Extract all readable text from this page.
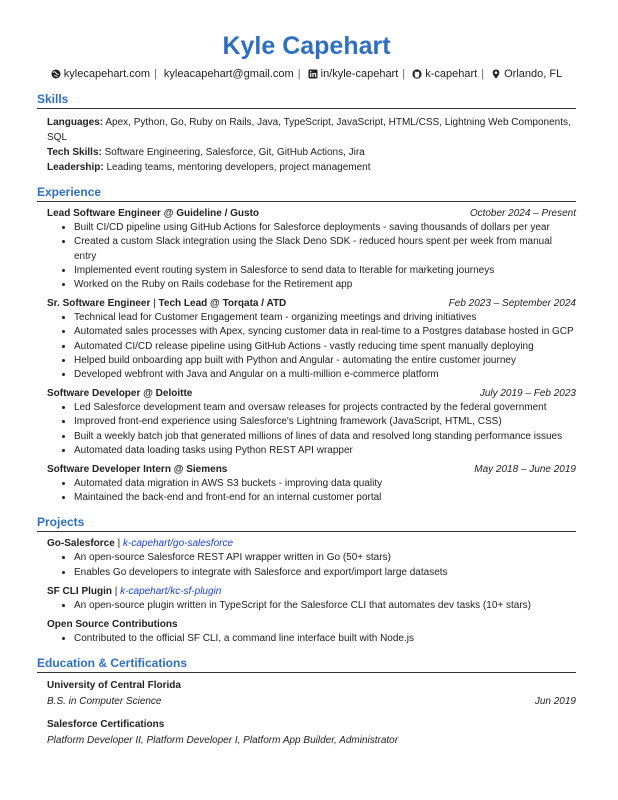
Kyle Capehart
kylecapehart.com | kyleacapehart@gmail.com | in/kyle-capehart | k-capehart | Orlando, FL
Skills
Languages: Apex, Python, Go, Ruby on Rails, Java, TypeScript, JavaScript, HTML/CSS, Lightning Web Components, SQL
Tech Skills: Software Engineering, Salesforce, Git, GitHub Actions, Jira
Leadership: Leading teams, mentoring developers, project management
Experience
Lead Software Engineer @ Guideline / Gusto	October 2024 – Present
• Built CI/CD pipeline using GitHub Actions for Salesforce deployments - saving thousands of dollars per year
• Created a custom Slack integration using the Slack Deno SDK - reduced hours spent per week from manual entry
• Implemented event routing system in Salesforce to send data to Iterable for marketing journeys
• Worked on the Ruby on Rails codebase for the Retirement app
Sr. Software Engineer | Tech Lead @ Torqata / ATD	Feb 2023 – September 2024
• Technical lead for Customer Engagement team - organizing meetings and driving initiatives
• Automated sales processes with Apex, syncing customer data in real-time to a Postgres database hosted in GCP
• Automated CI/CD release pipeline using GitHub Actions - vastly reducing time spent manually deploying
• Helped build onboarding app built with Python and Angular - automating the entire customer journey
• Developed webfront with Java and Angular on a multi-million e-commerce platform
Software Developer @ Deloitte	July 2019 – Feb 2023
• Led Salesforce development team and oversaw releases for projects contracted by the federal government
• Improved front-end experience using Salesforce's Lightning framework (JavaScript, HTML, CSS)
• Built a weekly batch job that generated millions of lines of data and resolved long standing performance issues
• Automated data loading tasks using Python REST API wrapper
Software Developer Intern @ Siemens	May 2018 – June 2019
• Automated data migration in AWS S3 buckets - improving data quality
• Maintained the back-end and front-end for an internal customer portal
Projects
Go-Salesforce | k-capehart/go-salesforce
• An open-source Salesforce REST API wrapper written in Go (50+ stars)
• Enables Go developers to integrate with Salesforce and export/import large datasets
SF CLI Plugin | k-capehart/kc-sf-plugin
• An open-source plugin written in TypeScript for the Salesforce CLI that automates dev tasks (10+ stars)
Open Source Contributions
• Contributed to the official SF CLI, a command line interface built with Node.js
Education & Certifications
University of Central Florida
B.S. in Computer Science	Jun 2019
Salesforce Certifications
Platform Developer II, Platform Developer I, Platform App Builder, Administrator
